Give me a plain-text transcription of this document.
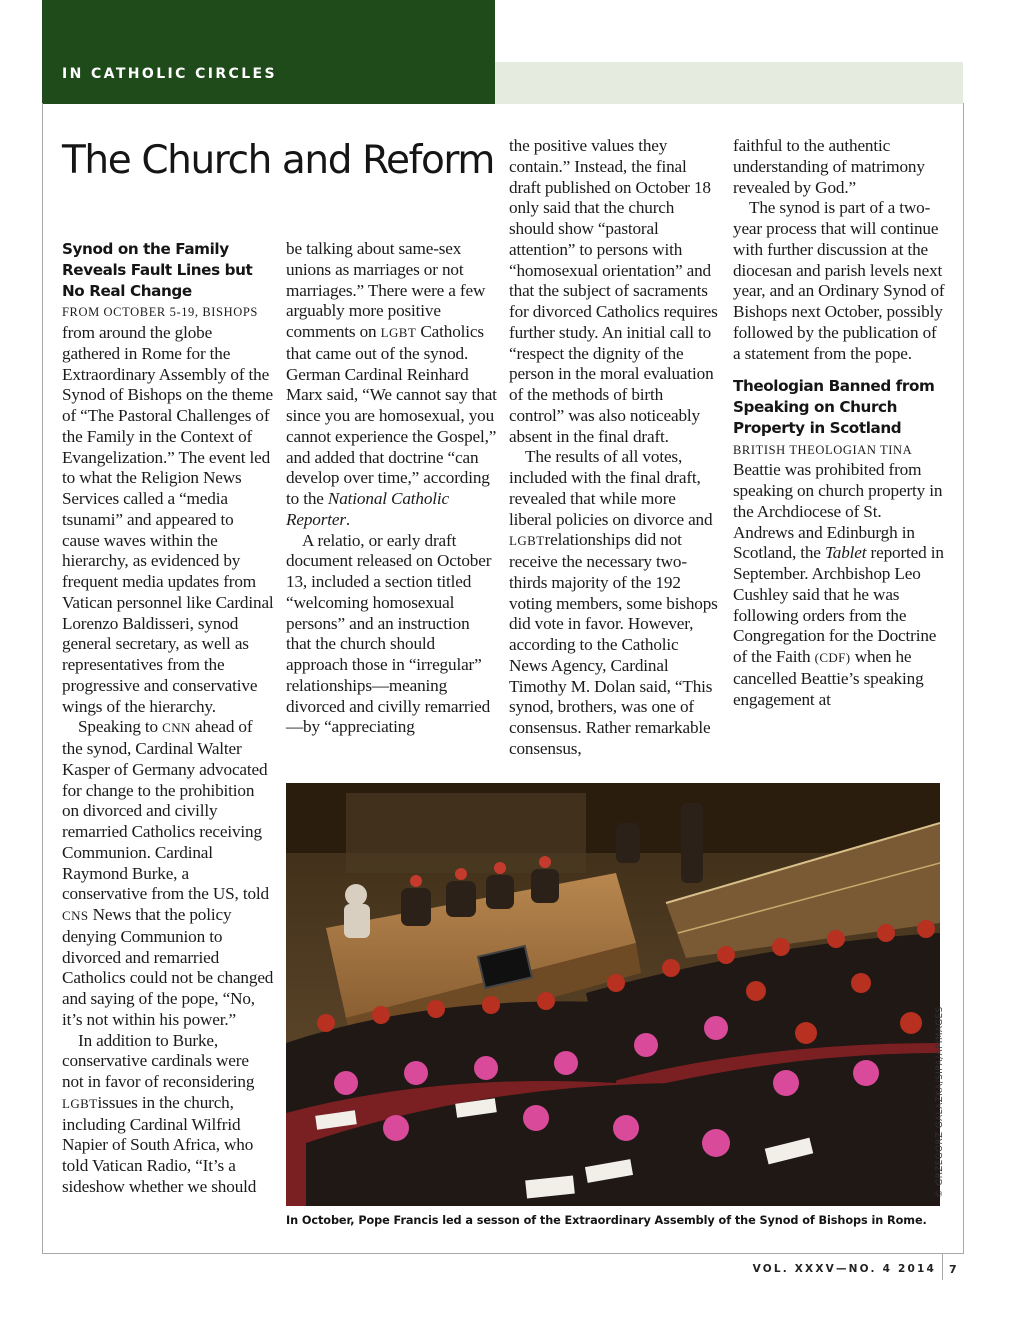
IN CATHOLIC CIRCLES
The Church and Reform
Synod on the Family Reveals Fault Lines but No Real Change

FROM OCTOBER 5-19, BISHOPS from around the globe gathered in Rome for the Extraordinary Assembly of the Synod of Bishops on the theme of “The Pastoral Challenges of the Family in the Context of Evangelization.” The event led to what the Religion News Services called a “media tsunami” and appeared to cause waves within the hierarchy, as evidenced by frequent media updates from Vatican personnel like Cardinal Lorenzo Baldisseri, synod general secretary, as well as representatives from the progressive and conservative wings of the hierarchy.

Speaking to CNN ahead of the synod, Cardinal Walter Kasper of Germany advocated for change to the prohibition on divorced and civilly remarried Catholics receiving Communion. Cardinal Raymond Burke, a conservative from the US, told CNS News that the policy denying Communion to divorced and remarried Catholics could not be changed and saying of the pope, “No, it’s not within his power.”

In addition to Burke, conservative cardinals were not in favor of reconsidering LGBTissues in the church, including Cardinal Wilfrid Napier of South Africa, who told Vatican Radio, “It’s a sideshow whether we should

be talking about same-sex unions as marriages or not marriages.” There were a few arguably more positive comments on LGBT Catholics that came out of the synod. German Cardinal Reinhard Marx said, “We cannot say that since you are homosexual, you cannot experience the Gospel,” and added that doctrine “can develop over time,” according to the National Catholic Reporter.

A relatio, or early draft document released on October 13, included a section titled “welcoming homosexual persons” and an instruction that the church should approach those in “irregular” relationships—meaning divorced and civilly remarried—by “appreciating

the positive values they contain.” Instead, the final draft published on October 18 only said that the church should show “pastoral attention” to persons with “homosexual orientation” and that the subject of sacraments for divorced Catholics requires further study. An initial call to “respect the dignity of the person in the moral evaluation of the methods of birth control” was also noticeably absent in the final draft.

The results of all votes, included with the final draft, revealed that while more liberal policies on divorce and LGBTrelationships did not receive the necessary two-thirds majority of the 192 voting members, some bishops did vote in favor. However, according to the Catholic News Agency, Cardinal Timothy M. Dolan said, “This synod, brothers, was one of consensus. Rather remarkable consensus,

faithful to the authentic understanding of matrimony revealed by God.”

The synod is part of a two-year process that will continue with further discussion at the diocesan and parish levels next year, and an Ordinary Synod of Bishops next October, possibly followed by the publication of a statement from the pope.

Theologian Banned from Speaking on Church Property in Scotland

BRITISH THEOLOGIAN TINA Beattie was prohibited from speaking on church property in the Archdiocese of St. Andrews and Edinburgh in Scotland, the Tablet reported in September. Archbishop Leo Cushley said that he was following orders from the Congregation for the Doctrine of the Faith (CDF) when he cancelled Beattie’s speaking engagement at

© GRZEGORZ GALAZKA/SIPA/APIMAGES
In October, Pope Francis led a sesson of the Extraordinary Assembly of the Synod of Bishops in Rome.
VOL. XXXV—NO. 4 2014 7
